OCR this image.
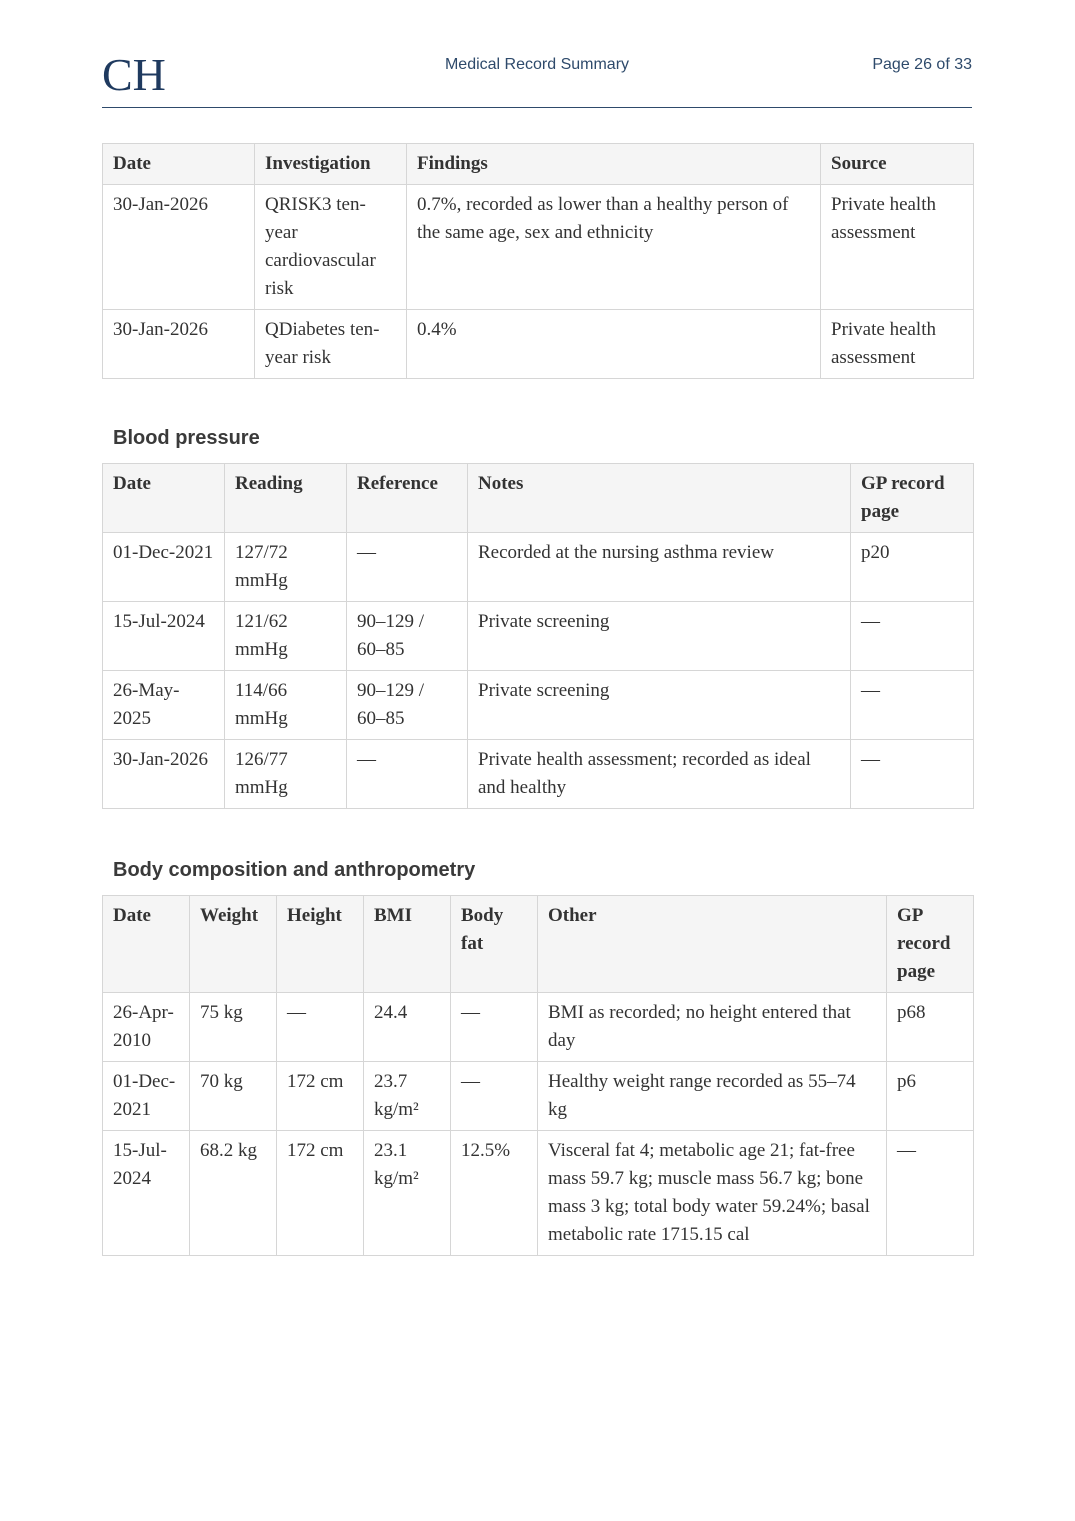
CH	Medical Record Summary	Page 26 of 33
Date	Investigation	Findings	Source
30-Jan-2026	QRISK3 ten-year cardiovascular risk	0.7%, recorded as lower than a healthy person of the same age, sex and ethnicity	Private health assessment
30-Jan-2026	QDiabetes ten-year risk	0.4%	Private health assessment
Blood pressure
Date	Reading	Reference	Notes	GP record page
01-Dec-2021	127/72 mmHg	—	Recorded at the nursing asthma review	p20
15-Jul-2024	121/62 mmHg	90–129 / 60–85	Private screening	—
26-May-2025	114/66 mmHg	90–129 / 60–85	Private screening	—
30-Jan-2026	126/77 mmHg	—	Private health assessment; recorded as ideal and healthy	—
Body composition and anthropometry
Date	Weight	Height	BMI	Body fat	Other	GP record page
26-Apr-2010	75 kg	—	24.4	—	BMI as recorded; no height entered that day	p68
01-Dec-2021	70 kg	172 cm	23.7 kg/m²	—	Healthy weight range recorded as 55–74 kg	p6
15-Jul-2024	68.2 kg	172 cm	23.1 kg/m²	12.5%	Visceral fat 4; metabolic age 21; fat-free mass 59.7 kg; muscle mass 56.7 kg; bone mass 3 kg; total body water 59.24%; basal metabolic rate 1715.15 cal	—
